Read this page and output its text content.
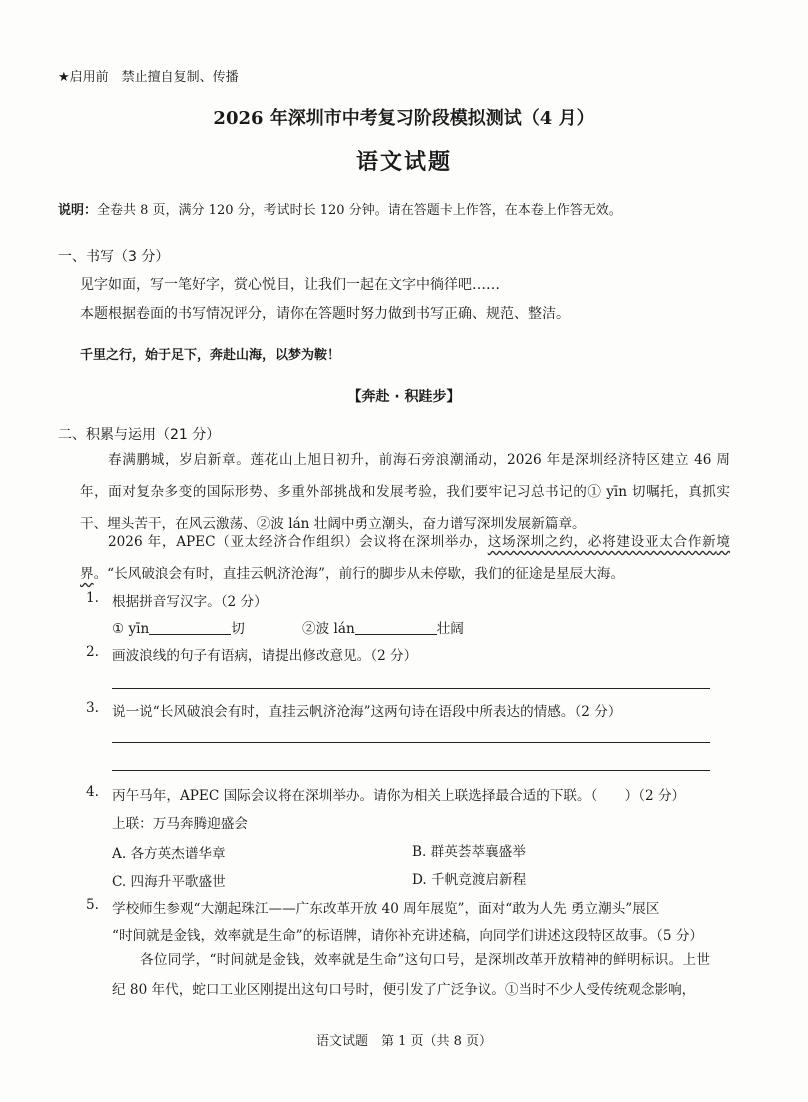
★启用前　禁止擅自复制、传播
2026 年深圳市中考复习阶段模拟测试（4 月）
语文试题
说明：全卷共 8 页，满分 120 分，考试时长 120 分钟。请在答题卡上作答，在本卷上作答无效。
一、书写（3 分）
见字如面，写一笔好字，赏心悦目，让我们一起在文字中徜徉吧……
本题根据卷面的书写情况评分，请你在答题时努力做到书写正确、规范、整洁。
千里之行，始于足下，奔赴山海，以梦为鞍！
【奔赴 · 积跬步】
二、积累与运用（21 分）
春满鹏城，岁启新章。莲花山上旭日初升，前海石旁浪潮涌动，2026 年是深圳经济特区建立 46 周年，面对复杂多变的国际形势、多重外部挑战和发展考验，我们要牢记习总书记的① yīn 切嘱托，真抓实干、埋头苦干，在风云激荡、②波 lán 壮阔中勇立潮头，奋力谱写深圳发展新篇章。
2026 年，APEC（亚太经济合作组织）会议将在深圳举办，这场深圳之约，必将建设亚太合作新境界。“长风破浪会有时，直挂云帆济沧海”，前行的脚步从未停歇，我们的征途是星辰大海。
1. 根据拼音写汉字。（2 分）
① yīn	切	②波 lán	壮阔
2. 画波浪线的句子有语病，请提出修改意见。（2 分）
3. 说一说“长风破浪会有时，直挂云帆济沧海”这两句诗在语段中所表达的情感。（2 分）
4. 丙午马年，APEC 国际会议将在深圳举办。请你为相关上联选择最合适的下联。（　　）（2 分）
上联：万马奔腾迎盛会
A. 各方英杰谱华章	B. 群英荟萃襄盛举
C. 四海升平歌盛世	D. 千帆竞渡启新程
5. 学校师生参观“大潮起珠江——广东改革开放 40 周年展览”，面对“敢为人先 勇立潮头”展区
“时间就是金钱，效率就是生命”的标语牌，请你补充讲述稿，向同学们讲述这段特区故事。（5 分）
各位同学，“时间就是金钱，效率就是生命”这句口号，是深圳改革开放精神的鲜明标识。上世纪 80 年代，蛇口工业区刚提出这句口号时，便引发了广泛争议。①当时不少人受传统观念影响，
语文试题　第 1 页（共 8 页）
